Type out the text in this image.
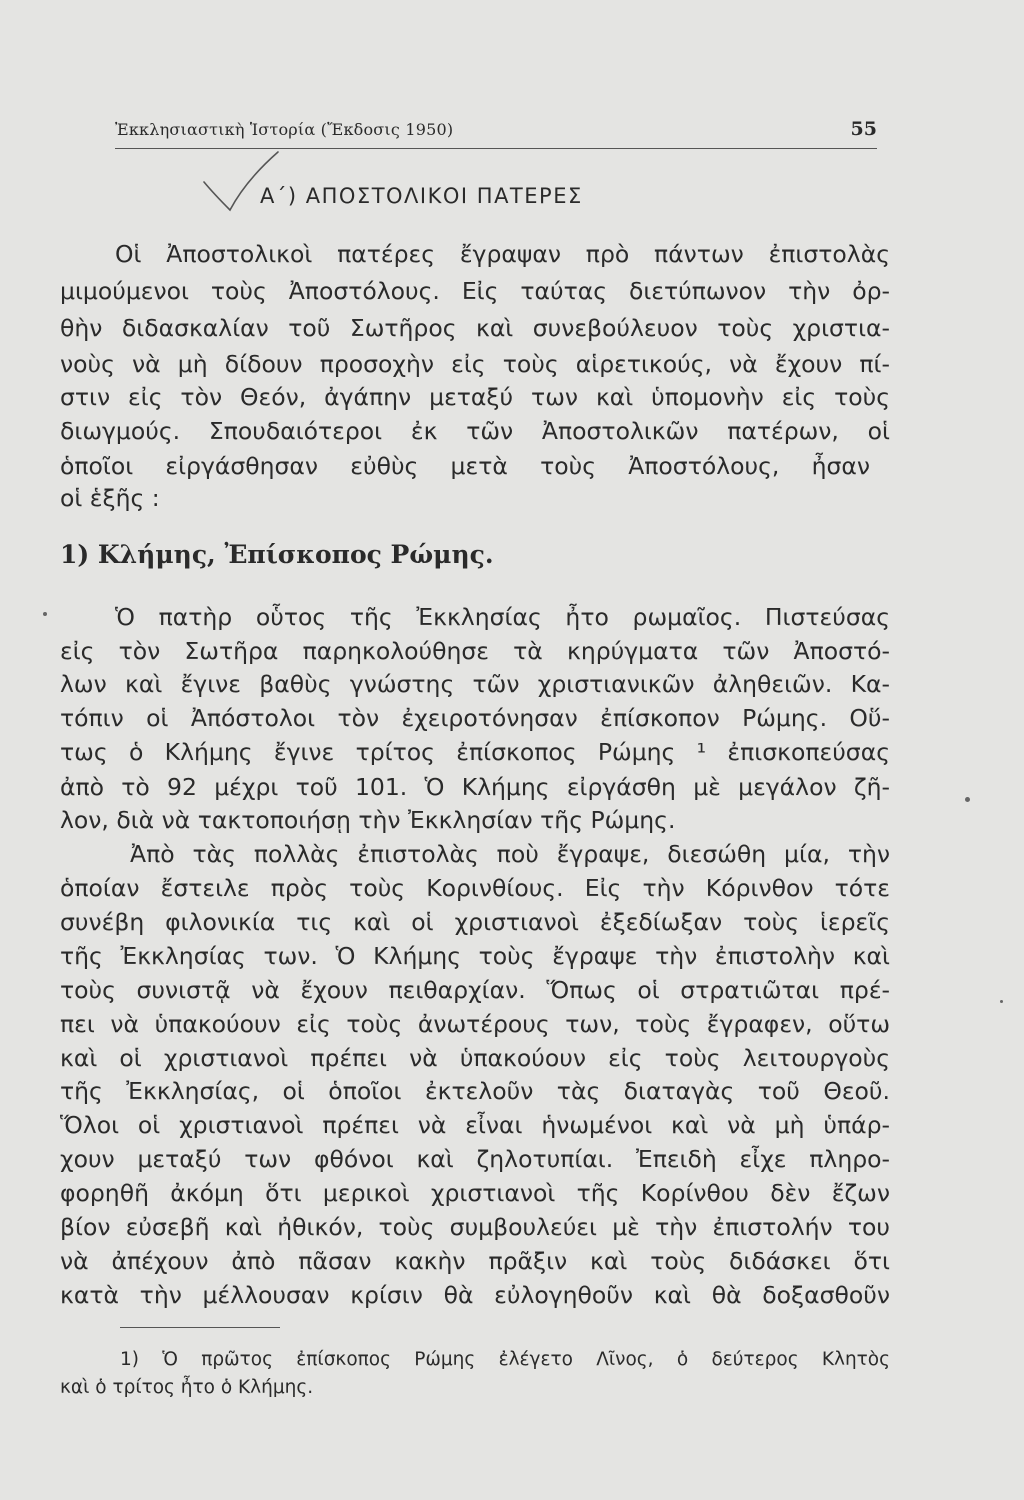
Ἐκκλησιαστικὴ Ἱστορία (Ἔκδοσις 1950)	55
Α΄) ΑΠΟΣΤΟΛΙΚΟΙ ΠΑΤΕΡΕΣ
Οἱ Ἀποστολικοὶ πατέρες ἔγραψαν πρὸ πάντων ἐπιστολὰς
μιμούμενοι τοὺς Ἀποστόλους. Εἰς ταύτας διετύπωνον τὴν ὀρ-
θὴν διδασκαλίαν τοῦ Σωτῆρος καὶ συνεβούλευον τοὺς χριστια-
νοὺς νὰ μὴ δίδουν προσοχὴν εἰς τοὺς αἱρετικούς, νὰ ἔχουν πί-
στιν εἰς τὸν Θεόν, ἀγάπην μεταξύ των καὶ ὑπομονὴν εἰς τοὺς
διωγμούς. Σπουδαιότεροι ἐκ τῶν Ἀποστολικῶν πατέρων, οἱ
ὁποῖοι εἰργάσθησαν εὐθὺς μετὰ τοὺς Ἀποστόλους, ἦσαν
οἱ ἑξῆς :
1) Κλήμης, Ἐπίσκοπος Ρώμης.
Ὁ πατὴρ οὗτος τῆς Ἐκκλησίας ἦτο ρωμαῖος. Πιστεύσας
εἰς τὸν Σωτῆρα παρηκολούθησε τὰ κηρύγματα τῶν Ἀποστό-
λων καὶ ἔγινε βαθὺς γνώστης τῶν χριστιανικῶν ἀληθειῶν. Κα-
τόπιν οἱ Ἀπόστολοι τὸν ἐχειροτόνησαν ἐπίσκοπον Ρώμης. Οὕ-
τως ὁ Κλήμης ἔγινε τρίτος ἐπίσκοπος Ρώμης ¹ ἐπισκοπεύσας
ἀπὸ τὸ 92 μέχρι τοῦ 101. Ὁ Κλήμης εἰργάσθη μὲ μεγάλον ζῆ-
λον, διὰ νὰ τακτοποιήσῃ τὴν Ἐκκλησίαν τῆς Ρώμης.
Ἀπὸ τὰς πολλὰς ἐπιστολὰς ποὺ ἔγραψε, διεσώθη μία, τὴν
ὁποίαν ἔστειλε πρὸς τοὺς Κορινθίους. Εἰς τὴν Κόρινθον τότε
συνέβη φιλονικία τις καὶ οἱ χριστιανοὶ ἐξεδίωξαν τοὺς ἱερεῖς
τῆς Ἐκκλησίας των. Ὁ Κλήμης τοὺς ἔγραψε τὴν ἐπιστολὴν καὶ
τοὺς συνιστᾷ νὰ ἔχουν πειθαρχίαν. Ὅπως οἱ στρατιῶται πρέ-
πει νὰ ὑπακούουν εἰς τοὺς ἀνωτέρους των, τοὺς ἔγραφεν, οὕτω
καὶ οἱ χριστιανοὶ πρέπει νὰ ὑπακούουν εἰς τοὺς λειτουργοὺς
τῆς Ἐκκλησίας, οἱ ὁποῖοι ἐκτελοῦν τὰς διαταγὰς τοῦ Θεοῦ.
Ὅλοι οἱ χριστιανοὶ πρέπει νὰ εἶναι ἡνωμένοι καὶ νὰ μὴ ὑπάρ-
χουν μεταξύ των φθόνοι καὶ ζηλοτυπίαι. Ἐπειδὴ εἶχε πληρο-
φορηθῆ ἀκόμη ὅτι μερικοὶ χριστιανοὶ τῆς Κορίνθου δὲν ἔζων
βίον εὐσεβῆ καὶ ἠθικόν, τοὺς συμβουλεύει μὲ τὴν ἐπιστολήν του
νὰ ἀπέχουν ἀπὸ πᾶσαν κακὴν πρᾶξιν καὶ τοὺς διδάσκει ὅτι
κατὰ τὴν μέλλουσαν κρίσιν θὰ εὐλογηθοῦν καὶ θὰ δοξασθοῦν
1) Ὁ πρῶτος ἐπίσκοπος Ρώμης ἐλέγετο Λῖνος, ὁ δεύτερος Κλητὸς
καὶ ὁ τρίτος ἦτο ὁ Κλήμης.
